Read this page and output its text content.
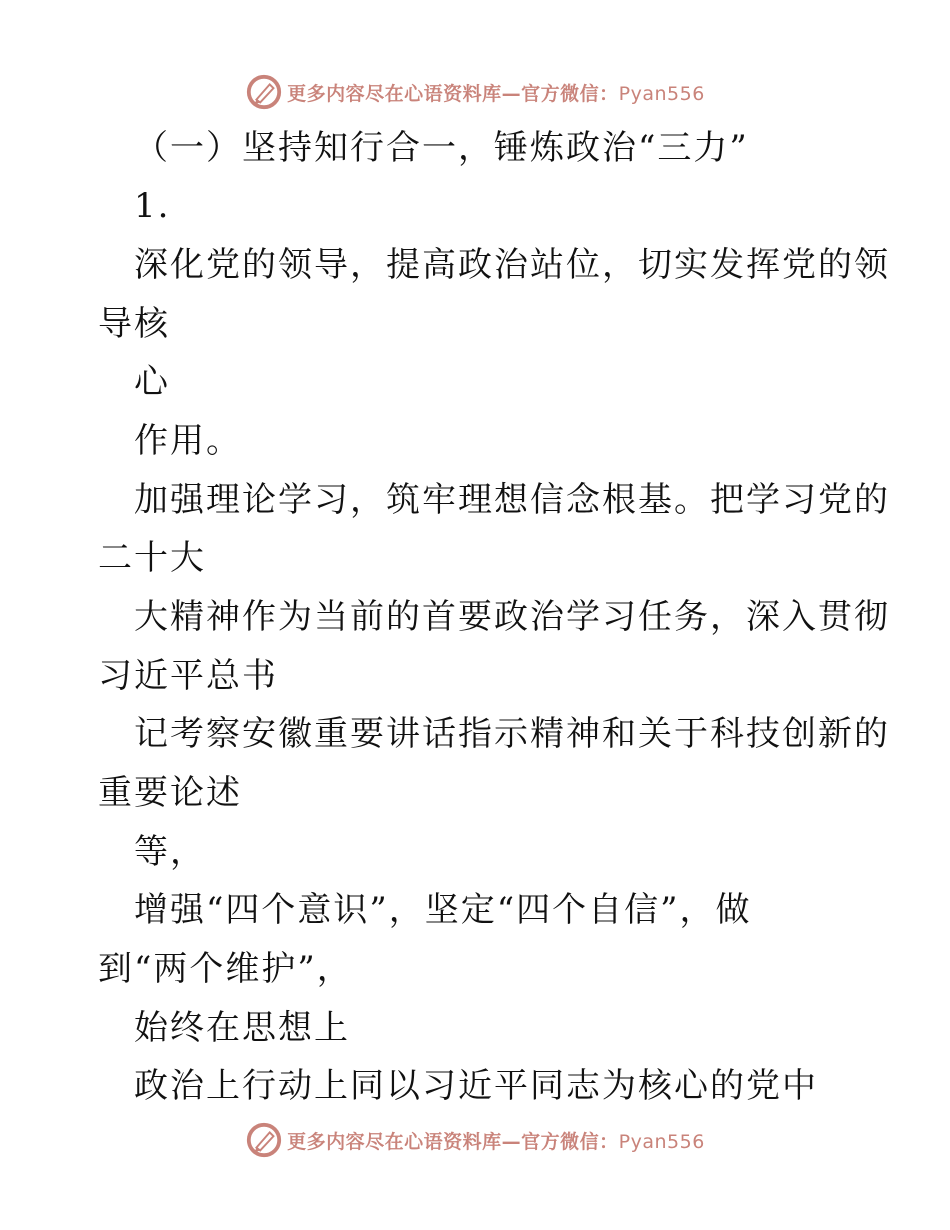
更多内容尽在心语资料库—官方微信：Pyan556
（一）坚持知行合一，锤炼政治“三力”
1.
深化党的领导，提高政治站位，切实发挥党的领
导核
心
作用。
加强理论学习，筑牢理想信念根基。把学习党的
二十大
大精神作为当前的首要政治学习任务，深入贯彻
习近平总书
记考察安徽重要讲话指示精神和关于科技创新的
重要论述
等，
增强“四个意识”，坚定“四个自信”，做
到“两个维护”，
始终在思想上
政治上行动上同以习近平同志为核心的党中
更多内容尽在心语资料库—官方微信：Pyan556
